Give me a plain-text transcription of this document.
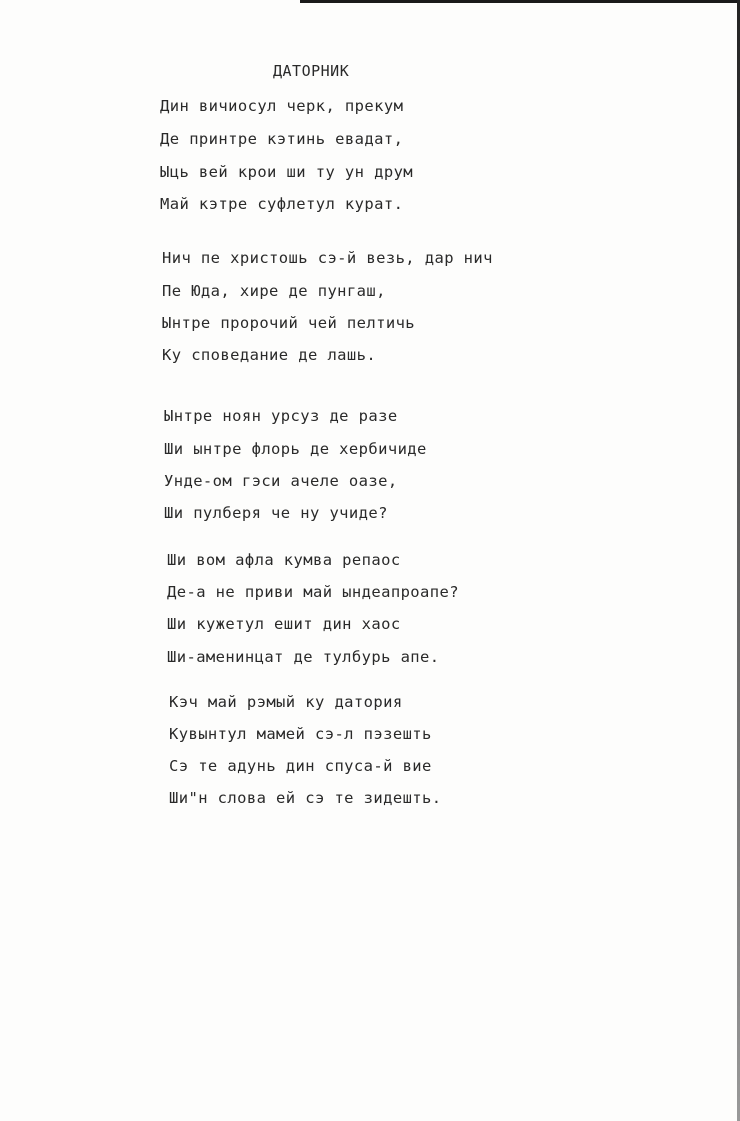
ДАТОРНИК
Дин вичиосул черк, прекум
Де принтре кэтинь евадат,
Ыць вей крои ши ту ун друм
Май кэтре суфлетул курат.
Нич пе христошь сэ-й везь, дар нич
Пе Юда, хире де пунгаш,
Ынтре пророчий чей пелтичь
Ку споведание де лашь.
Ынтре ноян урсуз де разе
Ши ынтре флорь де хербичиде
Унде-ом гэси ачеле оазе,
Ши пулберя че ну учиде?
Ши вом афла кумва репаос
Де-а не приви май ындеапроапе?
Ши кужетул ешит дин хаос
Ши-аменинцат де тулбурь апе.
Кэч май рэмый ку датория
Кувынтул мамей сэ-л пэзешть
Сэ те адунь дин спуса-й вие
Ши"н слова ей сэ те зидешть.
